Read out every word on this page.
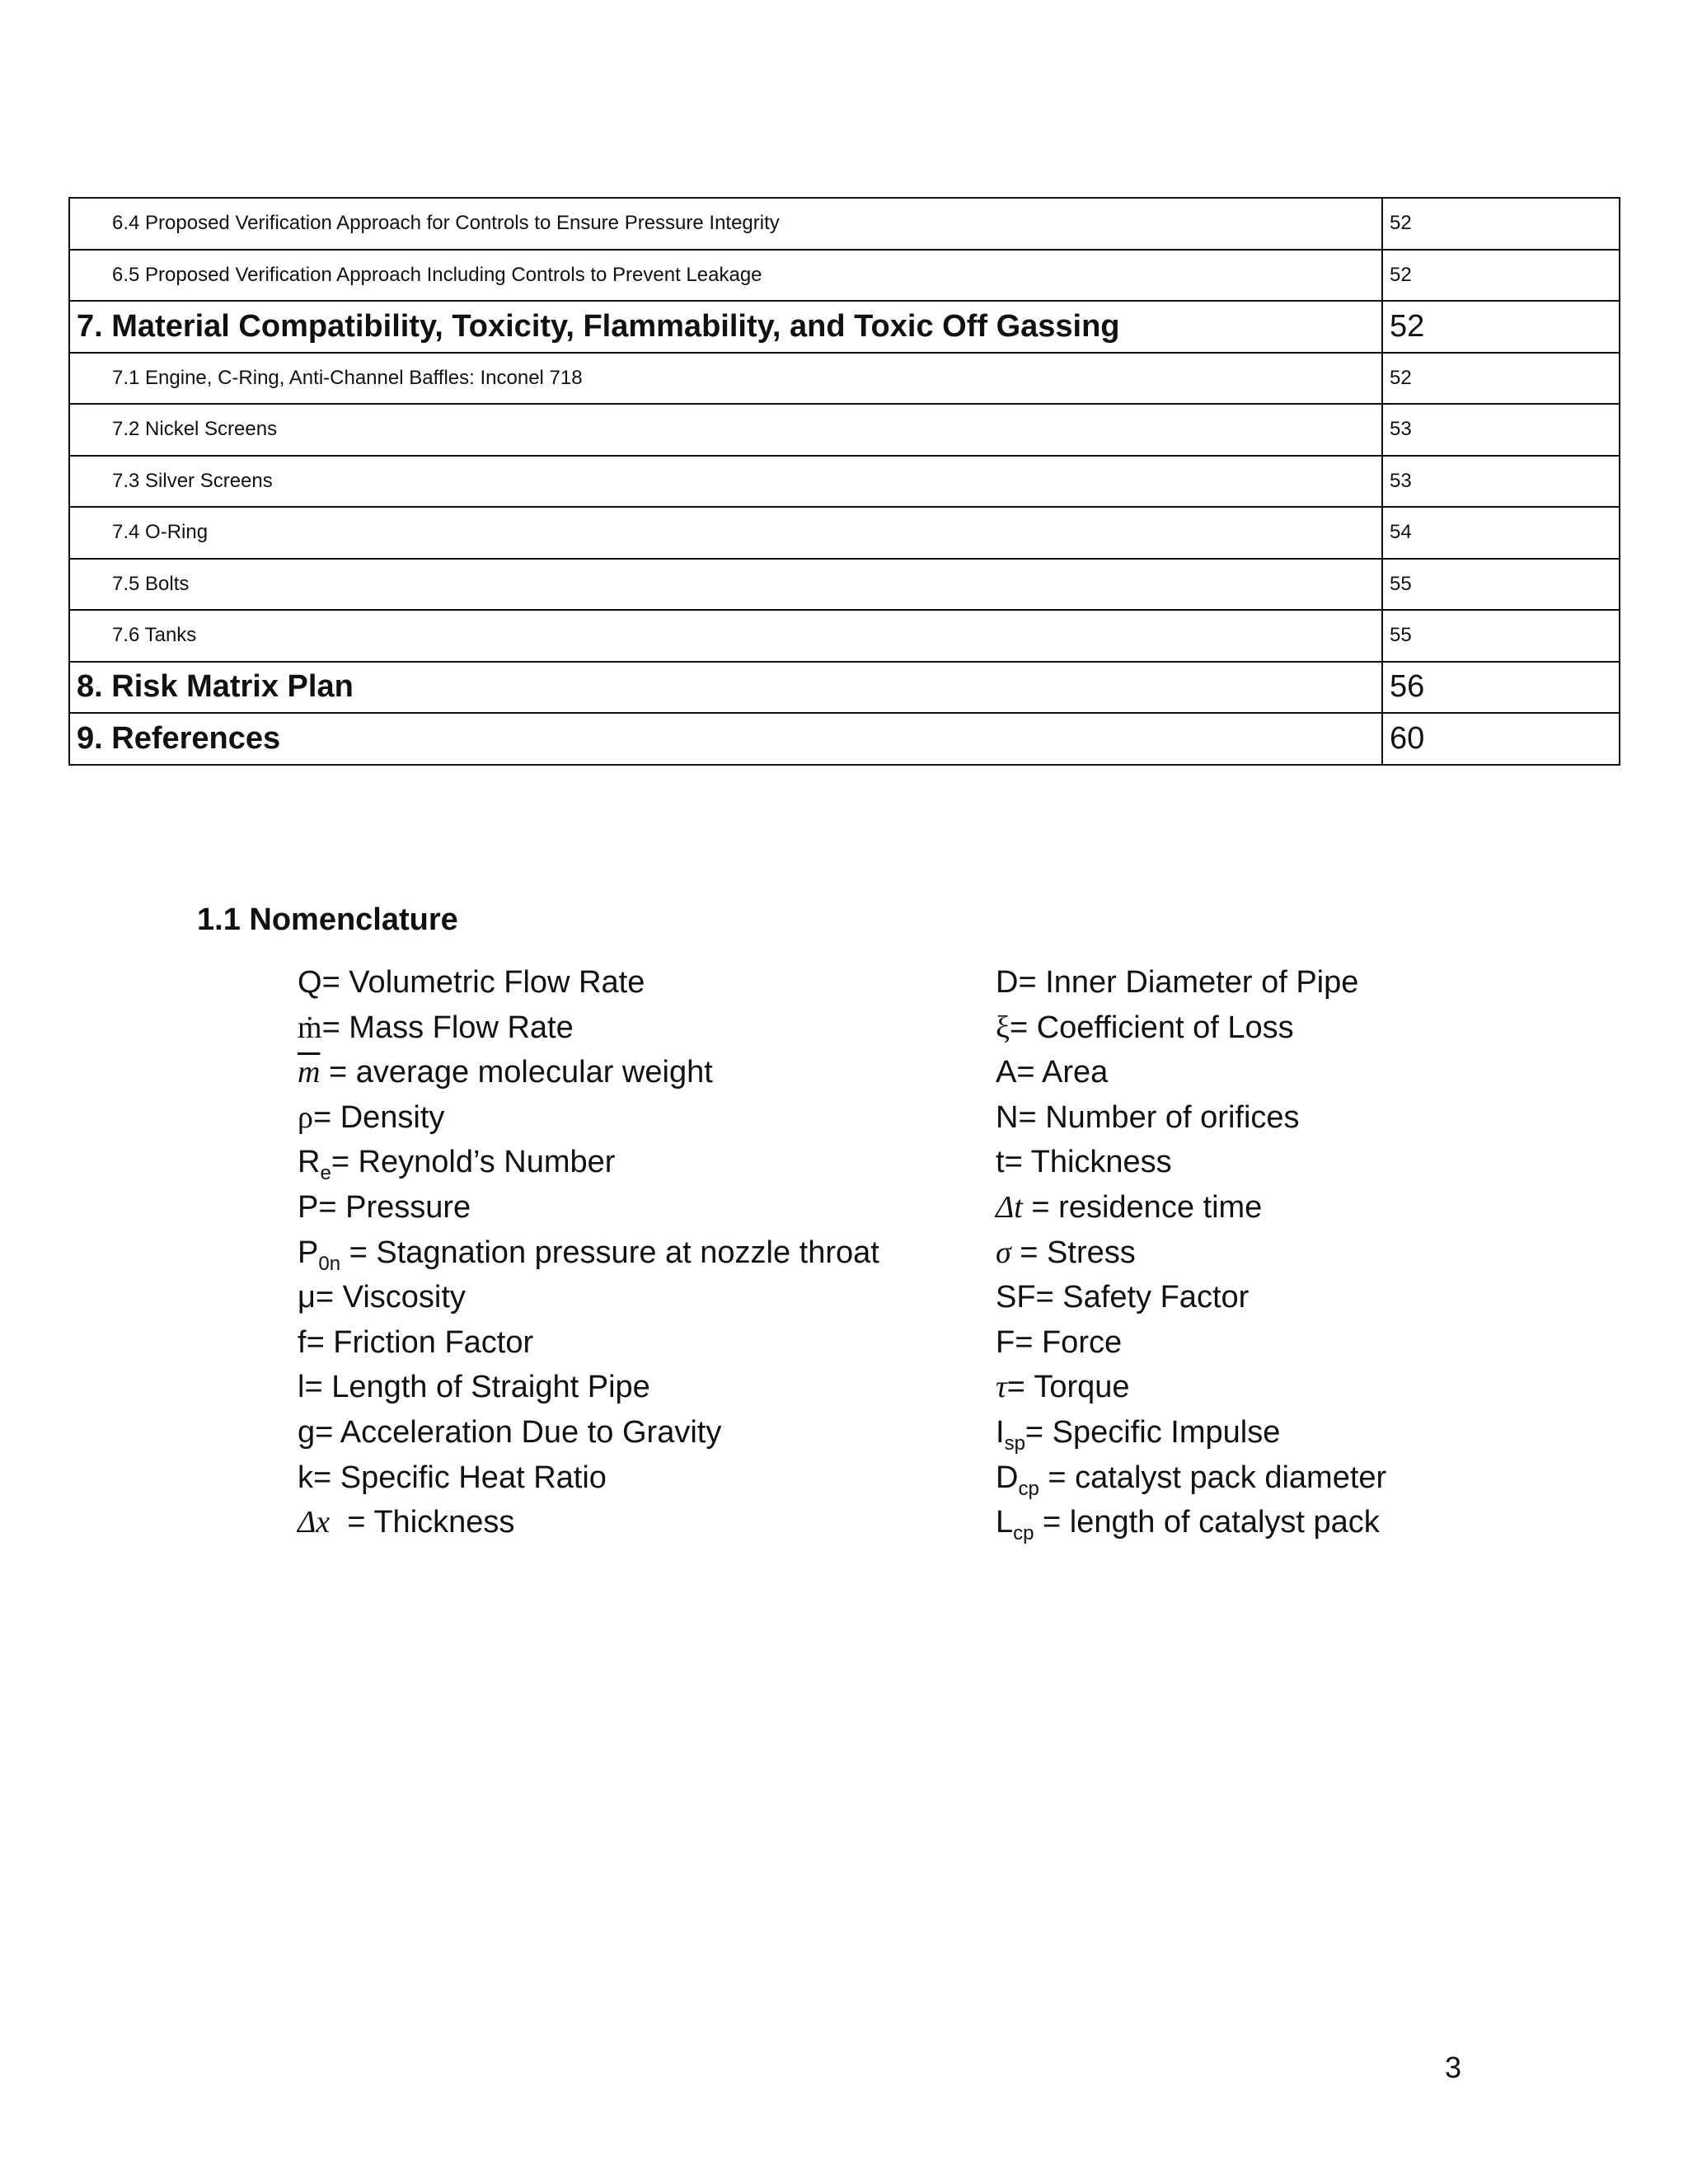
6.4 Proposed Verification Approach for Controls to Ensure Pressure Integrity	52
6.5 Proposed Verification Approach Including Controls to Prevent Leakage	52
7. Material Compatibility, Toxicity, Flammability, and Toxic Off Gassing	52
7.1 Engine, C-Ring, Anti-Channel Baffles: Inconel 718	52
7.2 Nickel Screens	53
7.3 Silver Screens	53
7.4 O-Ring	54
7.5 Bolts	55
7.6 Tanks	55
8. Risk Matrix Plan	56
9. References	60
1.1 Nomenclature
Q= Volumetric Flow Rate
ṁ= Mass Flow Rate
$\overline{m}$ = average molecular weight
ρ= Density
$R_e=$ Reynold’s Number
P= Pressure
$P_{0n}$ = Stagnation pressure at nozzle throat
μ= Viscosity
f= Friction Factor
l= Length of Straight Pipe
g= Acceleration Due to Gravity
k= Specific Heat Ratio
Δx  = Thickness
D= Inner Diameter of Pipe
ξ= Coefficient of Loss
A= Area
N= Number of orifices
t= Thickness
Δt = residence time
σ = Stress
SF= Safety Factor
F= Force
τ= Torque
$I_{sp}=$ Specific Impulse
$D_{cp}$ = catalyst pack diameter
$L_{cp}$ = length of catalyst pack
3
